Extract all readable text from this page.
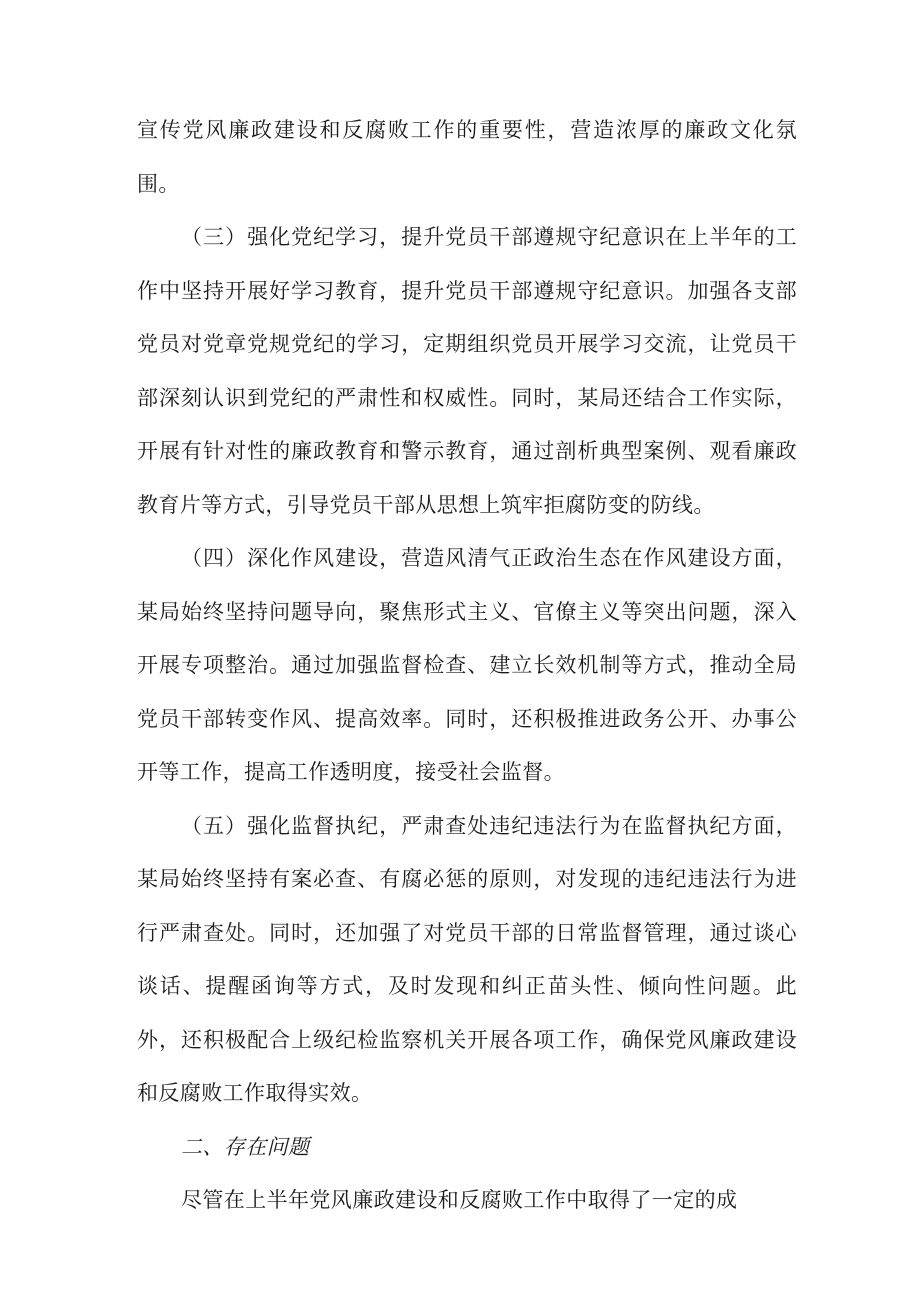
宣传党风廉政建设和反腐败工作的重要性，营造浓厚的廉政文化氛围。

（三）强化党纪学习，提升党员干部遵规守纪意识在上半年的工作中坚持开展好学习教育，提升党员干部遵规守纪意识。加强各支部党员对党章党规党纪的学习，定期组织党员开展学习交流，让党员干部深刻认识到党纪的严肃性和权威性。同时，某局还结合工作实际，开展有针对性的廉政教育和警示教育，通过剖析典型案例、观看廉政教育片等方式，引导党员干部从思想上筑牢拒腐防变的防线。

（四）深化作风建设，营造风清气正政治生态在作风建设方面，某局始终坚持问题导向，聚焦形式主义、官僚主义等突出问题，深入开展专项整治。通过加强监督检查、建立长效机制等方式，推动全局党员干部转变作风、提高效率。同时，还积极推进政务公开、办事公开等工作，提高工作透明度，接受社会监督。

（五）强化监督执纪，严肃查处违纪违法行为在监督执纪方面，某局始终坚持有案必查、有腐必惩的原则，对发现的违纪违法行为进行严肃查处。同时，还加强了对党员干部的日常监督管理，通过谈心谈话、提醒函询等方式，及时发现和纠正苗头性、倾向性问题。此外，还积极配合上级纪检监察机关开展各项工作，确保党风廉政建设和反腐败工作取得实效。

二、存在问题

尽管在上半年党风廉政建设和反腐败工作中取得了一定的成
